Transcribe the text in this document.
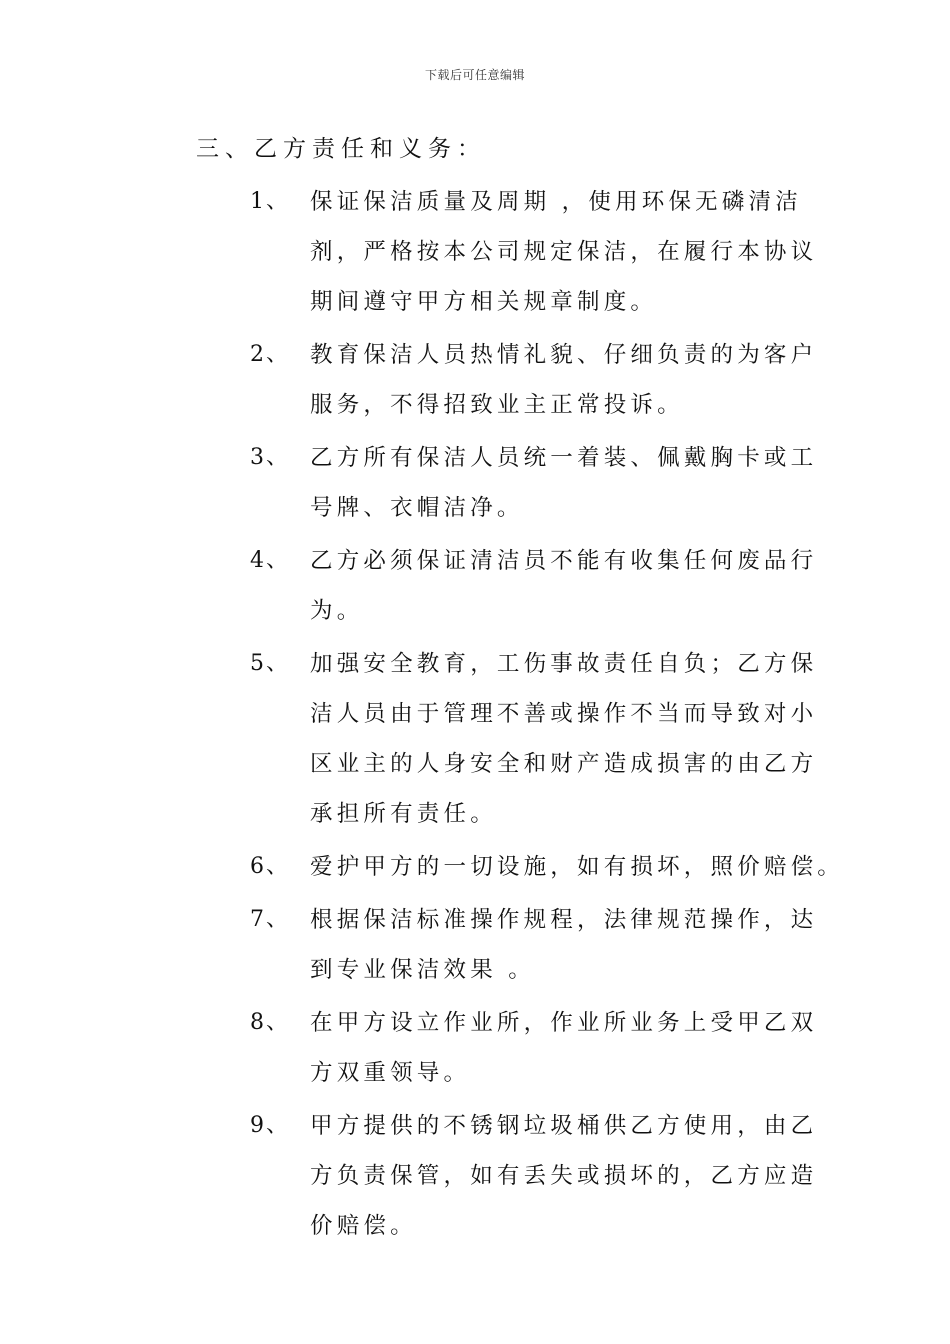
下载后可任意编辑
三、乙方责任和义务：
1、 保证保洁质量及周期 ，使用环保无磷清洁
剂，严格按本公司规定保洁，在履行本协议
期间遵守甲方相关规章制度。
2、 教育保洁人员热情礼貌、仔细负责的为客户
服务，不得招致业主正常投诉。
3、 乙方所有保洁人员统一着装、佩戴胸卡或工
号牌、衣帽洁净。
4、 乙方必须保证清洁员不能有收集任何废品行
为。
5、 加强安全教育，工伤事故责任自负；乙方保
洁人员由于管理不善或操作不当而导致对小
区业主的人身安全和财产造成损害的由乙方
承担所有责任。
6、 爱护甲方的一切设施，如有损坏，照价赔偿。
7、 根据保洁标准操作规程，法律规范操作，达
到专业保洁效果 。
8、 在甲方设立作业所，作业所业务上受甲乙双
方双重领导。
9、 甲方提供的不锈钢垃圾桶供乙方使用，由乙
方负责保管，如有丢失或损坏的，乙方应造
价赔偿。
